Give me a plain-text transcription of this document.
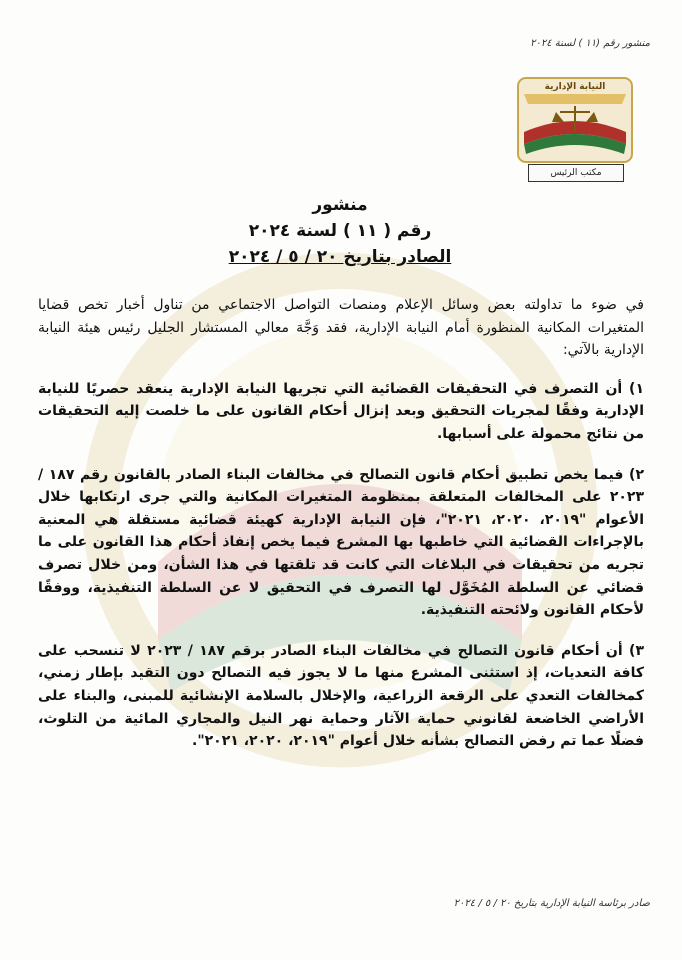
منشور رقم (١١ ) لسنة ٢٠٢٤
النيابة الإدارية
مكتب الرئيس
منشور
رقم ( ١١ ) لسنة ٢٠٢٤
الصادر بتاريخ ٢٠ / ٥ / ٢٠٢٤

في ضوء ما تداولته بعض وسائل الإعلام ومنصات التواصل الاجتماعي من تناول أخبار تخص قضايا المتغيرات المكانية المنظورة أمام النيابة الإدارية، فقد وَجَّهَ معالي المستشار الجليل رئيس هيئة النيابة الإدارية بالآتي:

١) أن التصرف في التحقيقات القضائية التي تجريها النيابة الإدارية ينعقد حصريًا للنيابة الإدارية وفقًا لمجريات التحقيق وبعد إنزال أحكام القانون على ما خلصت إليه التحقيقات من نتائج محمولة على أسبابها.

٢) فيما يخص تطبيق أحكام قانون التصالح في مخالفات البناء الصادر بالقانون رقم ١٨٧ / ٢٠٢٣ على المخالفات المتعلقة بمنظومة المتغيرات المكانية والتي جرى ارتكابها خلال الأعوام "٢٠١٩، ٢٠٢٠، ٢٠٢١"، فإن النيابة الإدارية كهيئة قضائية مستقلة هي المعنية بالإجراءات القضائية التي خاطبها بها المشرع فيما يخص إنفاذ أحكام هذا القانون على ما تجريه من تحقيقات في البلاغات التي كانت قد تلقتها في هذا الشأن، ومن خلال تصرف قضائي عن السلطة المُخَوَّل لها التصرف في التحقيق لا عن السلطة التنفيذية، ووفقًا لأحكام القانون ولائحته التنفيذية.

٣) أن أحكام قانون التصالح في مخالفات البناء الصادر برقم ١٨٧ / ٢٠٢٣ لا تنسحب على كافة التعديات، إذ استثنى المشرع منها ما لا يجوز فيه التصالح دون التقيد بإطار زمني، كمخالفات التعدي على الرقعة الزراعية، والإخلال بالسلامة الإنشائية للمبنى، والبناء على الأراضي الخاضعة لقانوني حماية الآثار وحماية نهر النيل والمجاري المائية من التلوث، فضلًا عما تم رفض التصالح بشأنه خلال أعوام "٢٠١٩، ٢٠٢٠، ٢٠٢١".

صادر برئاسة النيابة الإدارية بتاريخ ٢٠ / ٥ / ٢٠٢٤
